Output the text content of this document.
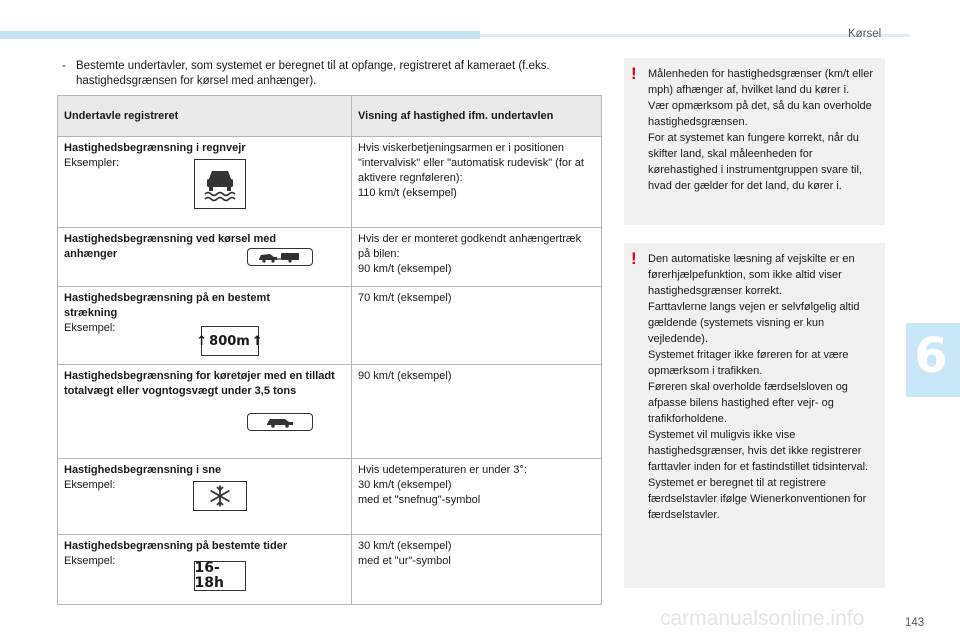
Kørsel
- Bestemte undertavler, som systemet er beregnet til at opfange, registreret af kameraet (f.eks. hastighedsgrænsen for kørsel med anhænger).
Undertavle registreret	Visning af hastighed ifm. undertavlen

Hastighedsbegrænsning i regnvejr
Eksempler:	Hvis viskerbetjeningsarmen er i positionen "intervalvisk" eller "automatisk rudevisk" (for at aktivere regnføleren):
110 km/t (eksempel)

Hastighedsbegrænsning ved kørsel med anhænger	Hvis der er monteret godkendt anhængertræk på bilen:
90 km/t (eksempel)

Hastighedsbegrænsning på en bestemt strækning
Eksempel:
↑ 800m ↑	70 km/t (eksempel)

Hastighedsbegrænsning for køretøjer med en tilladt totalvægt eller vogntogsvægt under 3,5 tons	90 km/t (eksempel)

Hastighedsbegrænsning i sne
Eksempel:	Hvis udetemperaturen er under 3°:
30 km/t (eksempel)
med et "snefnug"-symbol

Hastighedsbegrænsning på bestemte tider
Eksempel: 16-18h	30 km/t (eksempel)
med et "ur"-symbol
! Målenheden for hastighedsgrænser (km/t eller mph) afhænger af, hvilket land du kører i.
Vær opmærksom på det, så du kan overholde hastighedsgrænsen.
For at systemet kan fungere korrekt, når du skifter land, skal måleenheden for kørehastighed i instrumentgruppen svare til, hvad der gælder for det land, du kører i.
! Den automatiske læsning af vejskilte er en førerhjælpefunktion, som ikke altid viser hastighedsgrænser korrekt.
Farttavlerne langs vejen er selvfølgelig altid gældende (systemets visning er kun vejledende).
Systemet fritager ikke føreren for at være opmærksom i trafikken.
Føreren skal overholde færdselsloven og afpasse bilens hastighed efter vejr- og trafikforholdene.
Systemet vil muligvis ikke vise hastighedsgrænser, hvis det ikke registrerer farttavler inden for et fastindstillet tidsinterval.
Systemet er beregnet til at registrere færdselstavler ifølge Wienerkonventionen for færdselstavler.
6
carmanualsonline.info	143
